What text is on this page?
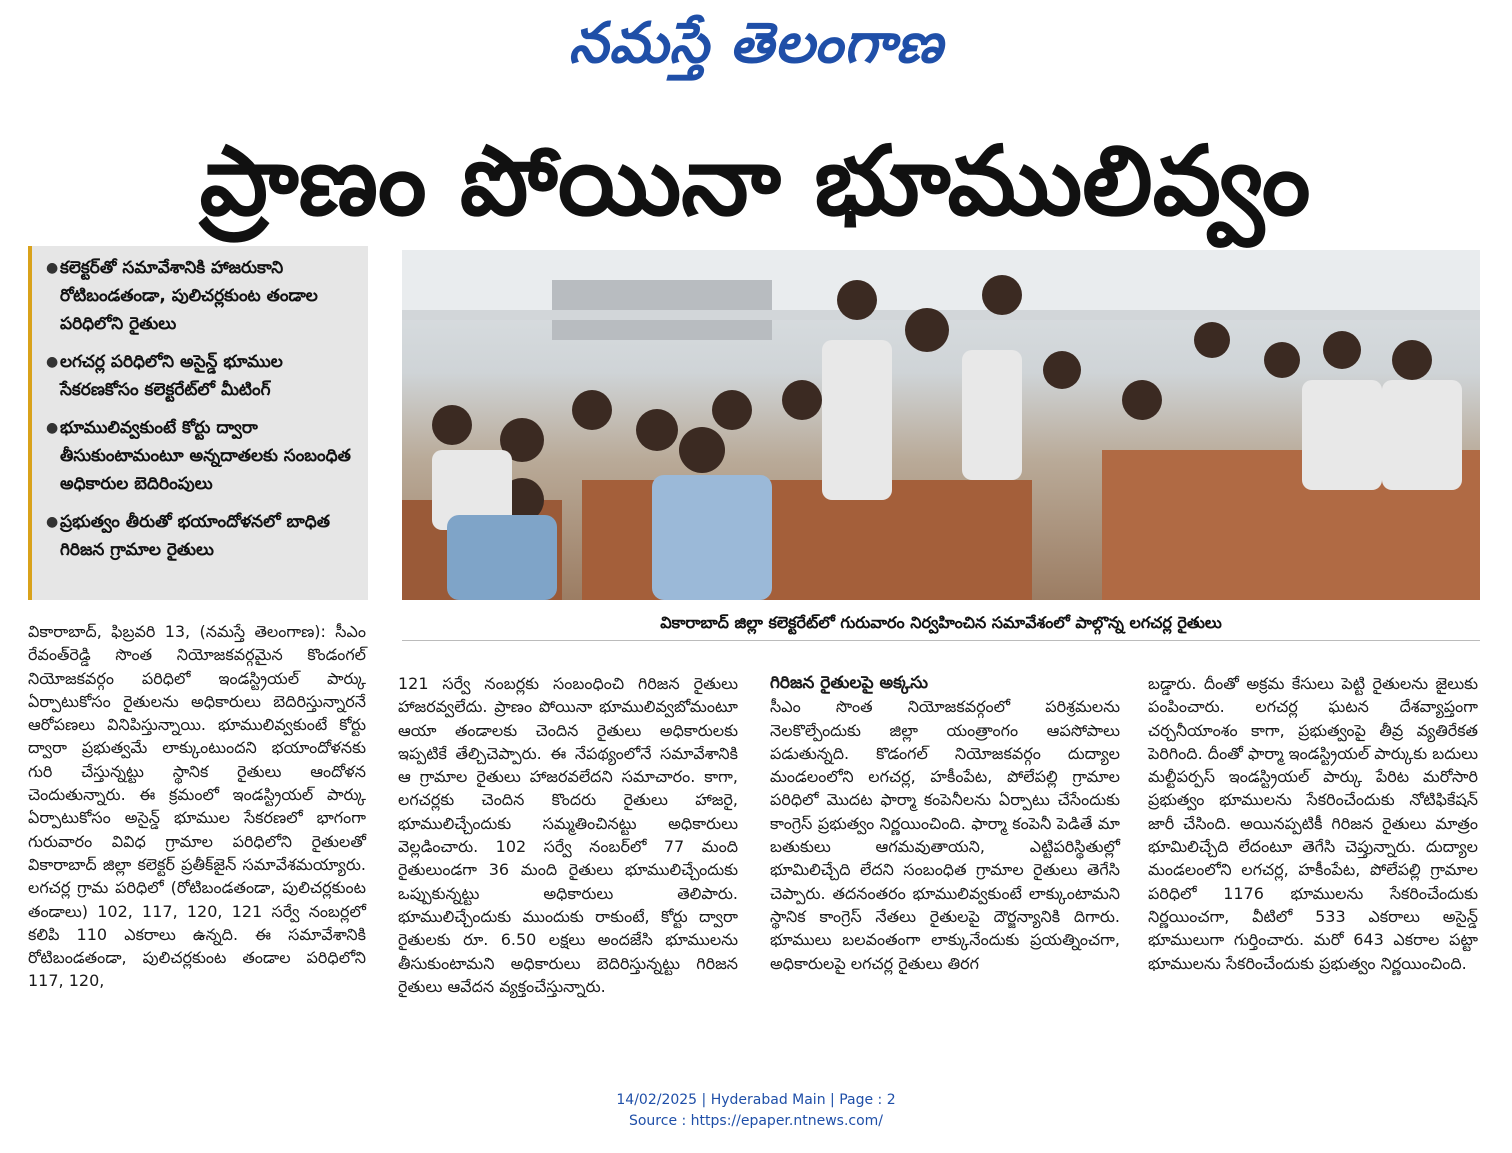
నమస్తే తెలంగాణ
ప్రాణం పోయినా భూములివ్వం
● కలెక్టర్‌తో సమావేశానికి హాజరుకాని రోటిబండతండా, పులిచర్లకుంట తండాల పరిధిలోని రైతులు
● లగచర్ల పరిధిలోని అసైన్డ్ భూముల సేకరణకోసం కలెక్టరేట్‌లో మీటింగ్
● భూములివ్వకుంటే కోర్టు ద్వారా తీసుకుంటామంటూ అన్నదాతలకు సంబంధిత అధికారుల బెదిరింపులు
● ప్రభుత్వం తీరుతో భయాందోళనలో బాధిత గిరిజన గ్రామాల రైతులు
వికారాబాద్ జిల్లా కలెక్టరేట్‌లో గురువారం నిర్వహించిన సమావేశంలో పాల్గొన్న లగచర్ల రైతులు

వికారాబాద్, ఫిబ్రవరి 13, (నమస్తే తెలంగాణ): సీఎం రేవంత్‌రెడ్డి సొంత నియోజకవర్గమైన కొండంగల్ నియోజకవర్గం పరిధిలో ఇండస్ట్రియల్ పార్కు ఏర్పాటుకోసం రైతులను అధికారులు బెదిరిస్తున్నారనే ఆరోపణలు వినిపిస్తున్నాయి. భూములివ్వకుంటే కోర్టు ద్వారా ప్రభుత్వమే లాక్కుంటుందని భయాందోళనకు గురి చేస్తున్నట్టు స్థానిక రైతులు ఆందోళన చెందుతున్నారు. ఈ క్రమంలో ఇండస్ట్రియల్ పార్కు ఏర్పాటుకోసం అసైన్డ్ భూముల సేకరణలో భాగంగా గురువారం వివిధ గ్రామాల పరిధిలోని రైతులతో వికారాబాద్ జిల్లా కలెక్టర్ ప్రతీక్‌జైన్ సమావేశమయ్యారు. లగచర్ల గ్రామ పరిధిలో (రోటిబండతండా, పులిచర్లకుంట తండాలు) 102, 117, 120, 121 సర్వే నంబర్లలో కలిపి 110 ఎకరాలు ఉన్నది. ఈ సమావేశానికి రోటిబండతండా, పులిచర్లకుంట తండాల పరిధిలోని 117, 120,

121 సర్వే నంబర్లకు సంబంధించి గిరిజన రైతులు హాజరవ్వలేదు. ప్రాణం పోయినా భూములివ్వబోమంటూ ఆయా తండాలకు చెందిన రైతులు అధికారులకు ఇప్పటికే తేల్చిచెప్పారు. ఈ నేపథ్యంలోనే సమావేశానికి ఆ గ్రామాల రైతులు హాజరవలేదని సమాచారం. కాగా, లగచర్లకు చెందిన కొందరు రైతులు హాజరై, భూములిచ్చేందుకు సమ్మతించినట్టు అధికారులు వెల్లడించారు. 102 సర్వే నంబర్‌లో 77 మంది రైతులుండగా 36 మంది రైతులు భూములిచ్చేందుకు ఒప్పుకున్నట్టు అధికారులు తెలిపారు. భూములిచ్చేందుకు ముందుకు రాకుంటే, కోర్టు ద్వారా రైతులకు రూ. 6.50 లక్షలు అందజేసి భూములను తీసుకుంటామని అధికారులు బెదిరిస్తున్నట్టు గిరిజన రైతులు ఆవేదన వ్యక్తంచేస్తున్నారు.

గిరిజన రైతులపై అక్కసు

సీఎం సొంత నియోజకవర్గంలో పరిశ్రమలను నెలకొల్పేందుకు జిల్లా యంత్రాంగం ఆపసోపాలు పడుతున్నది. కొడంగల్ నియోజకవర్గం దుద్యాల మండలంలోని లగచర్ల, హకీంపేట, పోలేపల్లి గ్రామాల పరిధిలో మొదట ఫార్మా కంపెనీలను ఏర్పాటు చేసేందుకు కాంగ్రెస్ ప్రభుత్వం నిర్ణయించింది. ఫార్మా కంపెనీ పెడితే మా బతుకులు ఆగమవుతాయని, ఎట్టిపరిస్థితుల్లో భూమిలిచ్చేది లేదని సంబంధిత గ్రామాల రైతులు తెగేసి చెప్పారు. తదనంతరం భూములివ్వకుంటే లాక్కుంటామని స్థానిక కాంగ్రెస్ నేతలు రైతులపై దౌర్జన్యానికి దిగారు. భూములు బలవంతంగా లాక్కునేందుకు ప్రయత్నించగా, అధికారులపై లగచర్ల రైతులు తిరగ

బడ్డారు. దీంతో అక్రమ కేసులు పెట్టి రైతులను జైలుకు పంపించారు. లగచర్ల ఘటన దేశవ్యాప్తంగా చర్చనీయాంశం కాగా, ప్రభుత్వంపై తీవ్ర వ్యతిరేకత పెరిగింది. దీంతో ఫార్మా ఇండస్ట్రియల్ పార్కుకు బదులు మల్టీపర్పస్ ఇండస్ట్రియల్ పార్కు పేరిట మరోసారి ప్రభుత్వం భూములను సేకరించేందుకు నోటిఫికేషన్ జారీ చేసింది. అయినప్పటికీ గిరిజన రైతులు మాత్రం భూమిలిచ్చేది లేదంటూ తెగేసి చెప్తున్నారు. దుద్యాల మండలంలోని లగచర్ల, హకీంపేట, పోలేపల్లి గ్రామాల పరిధిలో 1176 భూములను సేకరించేందుకు నిర్ణయించగా, వీటిలో 533 ఎకరాలు అసైన్డ్ భూములుగా గుర్తించారు. మరో 643 ఎకరాల పట్టా భూములను సేకరించేందుకు ప్రభుత్వం నిర్ణయించింది.

14/02/2025 | Hyderabad Main | Page : 2
Source : https://epaper.ntnews.com/
